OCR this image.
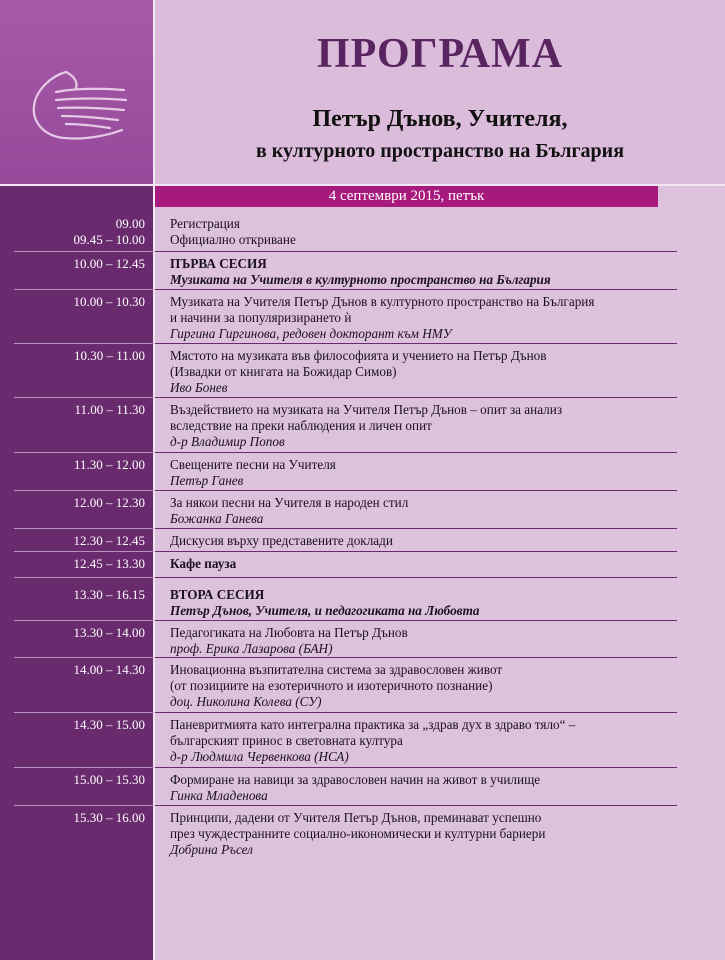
ПРОГРАМА
Петър Дънов, Учителя,
в културното пространство на България
4 септември 2015, петък
09.00 Регистрация
09.45 – 10.00 Официално откриване
10.00 – 12.45 ПЪРВА СЕСИЯ
Музиката на Учителя в културното пространство на България
10.00 – 10.30 Музиката на Учителя Петър Дънов в културното пространство на България
и начини за популяризирането ѝ
Гиргина Гиргинова, редовен докторант към НМУ
10.30 – 11.00 Мястото на музиката във философията и учението на Петър Дънов
(Извадки от книгата на Божидар Симов)
Иво Бонев
11.00 – 11.30 Въздействието на музиката на Учителя Петър Дънов – опит за анализ
вследствие на преки наблюдения и личен опит
д-р Владимир Попов
11.30 – 12.00 Свещените песни на Учителя
Петър Ганев
12.00 – 12.30 За някои песни на Учителя в народен стил
Божанка Ганева
12.30 – 12.45 Дискусия върху представените доклади
12.45 – 13.30 Кафе пауза
13.30 – 16.15 ВТОРА СЕСИЯ
Петър Дънов, Учителя, и педагогиката на Любовта
13.30 – 14.00 Педагогиката на Любовта на Петър Дънов
проф. Ерика Лазарова (БАН)
14.00 – 14.30 Иновационна възпитателна система за здравословен живот
(от позициите на езотеричното и изотеричното познание)
доц. Николина Колева (СУ)
14.30 – 15.00 Паневритмията като интегрална практика за „здрав дух в здраво тяло“ –
българският принос в световната култура
д-р Людмила Червенкова (НСА)
15.00 – 15.30 Формиране на навици за здравословен начин на живот в училище
Гинка Младенова
15.30 – 16.00 Принципи, дадени от Учителя Петър Дънов, преминават успешно
през чуждестранните социално-икономически и културни бариери
Добрина Ръсел
